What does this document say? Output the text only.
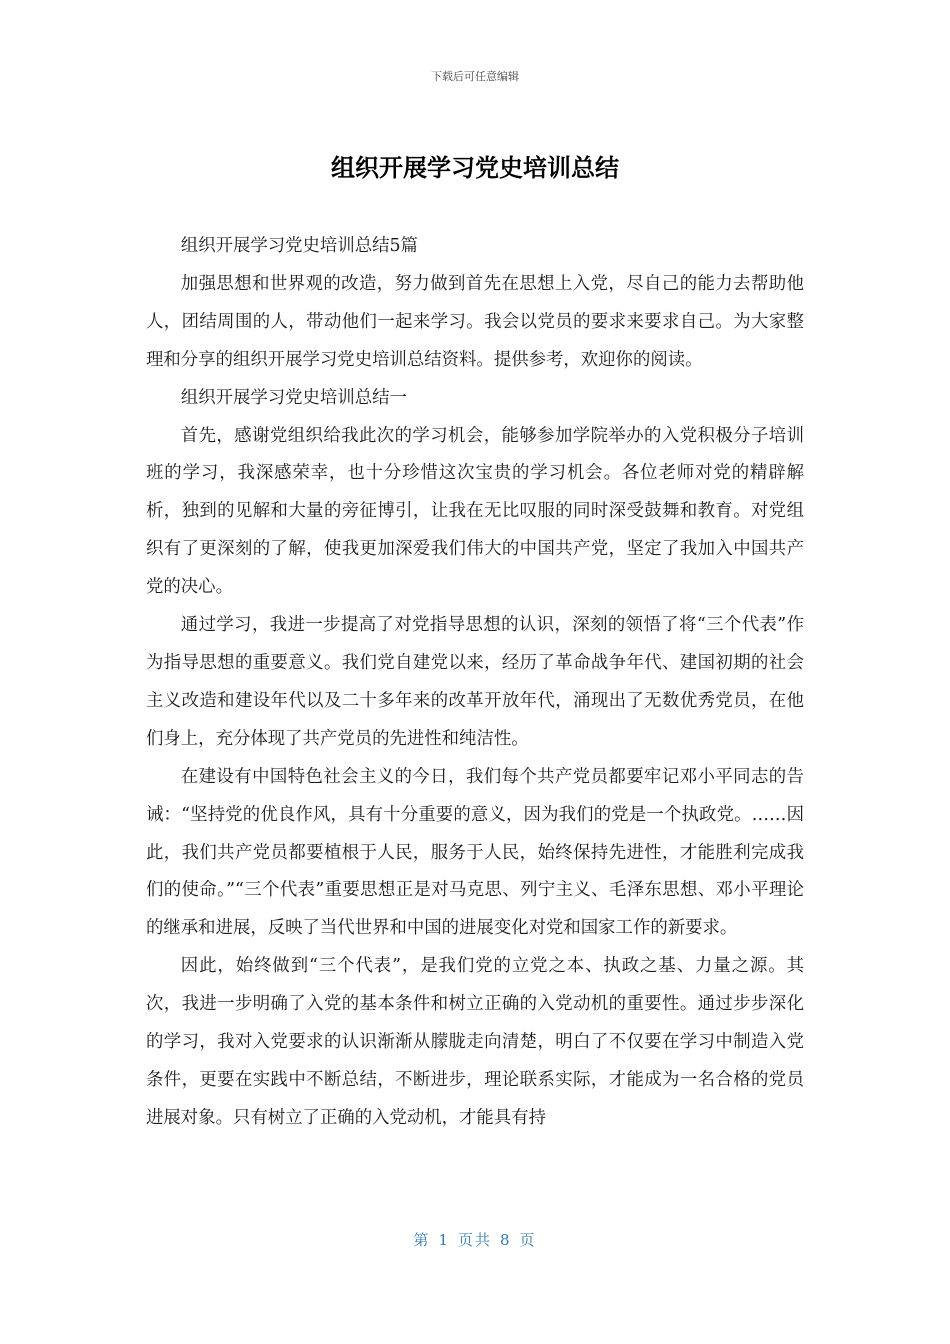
下载后可任意编辑
组织开展学习党史培训总结

组织开展学习党史培训总结5篇

加强思想和世界观的改造，努力做到首先在思想上入党，尽自己的能力去帮助他人，团结周围的人，带动他们一起来学习。我会以党员的要求来要求自己。为大家整理和分享的组织开展学习党史培训总结资料。提供参考，欢迎你的阅读。

组织开展学习党史培训总结一

首先，感谢党组织给我此次的学习机会，能够参加学院举办的入党积极分子培训班的学习，我深感荣幸，也十分珍惜这次宝贵的学习机会。各位老师对党的精辟解析，独到的见解和大量的旁征博引，让我在无比叹服的同时深受鼓舞和教育。对党组织有了更深刻的了解，使我更加深爱我们伟大的中国共产党，坚定了我加入中国共产党的决心。

通过学习，我进一步提高了对党指导思想的认识，深刻的领悟了将“三个代表”作为指导思想的重要意义。我们党自建党以来，经历了革命战争年代、建国初期的社会主义改造和建设年代以及二十多年来的改革开放年代，涌现出了无数优秀党员，在他们身上，充分体现了共产党员的先进性和纯洁性。

在建设有中国特色社会主义的今日，我们每个共产党员都要牢记邓小平同志的告诫：“坚持党的优良作风，具有十分重要的意义，因为我们的党是一个执政党。……因此，我们共产党员都要植根于人民，服务于人民，始终保持先进性，才能胜利完成我们的使命。”“三个代表”重要思想正是对马克思、列宁主义、毛泽东思想、邓小平理论的继承和进展，反映了当代世界和中国的进展变化对党和国家工作的新要求。

因此，始终做到“三个代表”，是我们党的立党之本、执政之基、力量之源。其次，我进一步明确了入党的基本条件和树立正确的入党动机的重要性。通过步步深化的学习，我对入党要求的认识渐渐从朦胧走向清楚，明白了不仅要在学习中制造入党条件，更要在实践中不断总结，不断进步，理论联系实际，才能成为一名合格的党员进展对象。只有树立了正确的入党动机，才能具有持

第 1 页共 8 页
